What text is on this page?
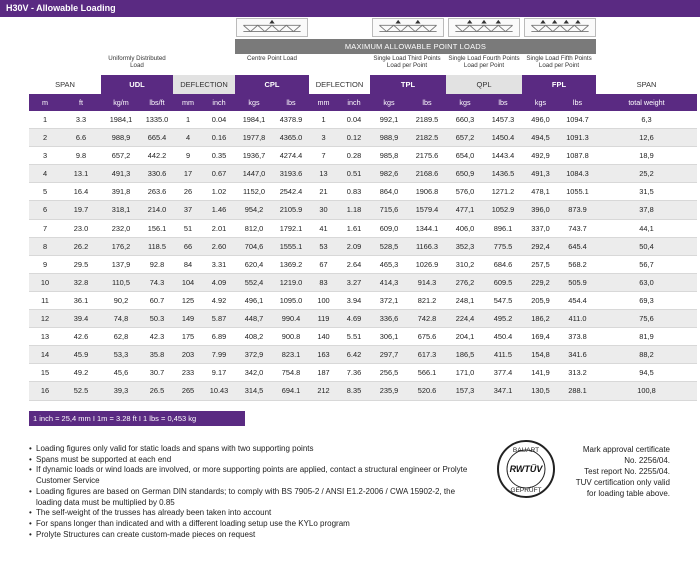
H30V - Allowable Loading
MAXIMUM ALLOWABLE POINT LOADS
Uniformly Distributed Load
Centre Point Load	Single Load Third Points Load per Point
Single Load Fourth Points Load per Point
Single Load Fifth Points Load per Point
SPAN	UDL	DEFLECTION	CPL	DEFLECTION	TPL	QPL	FPL	SPAN
m	ft	kg/m	lbs/ft	mm	inch	kgs	lbs	mm	inch	kgs	lbs	kgs	lbs	kgs	lbs	total weight
1	3.3	1984,1	1335.0	1	0.04	1984,1	4378.9	1	0.04	992,1	2189.5	660,3	1457.3	496,0	1094.7	6,3
2	6.6	988,9	665.4	4	0.16	1977,8	4365.0	3	0.12	988,9	2182.5	657,2	1450.4	494,5	1091.3	12,6
3	9.8	657,2	442.2	9	0.35	1936,7	4274.4	7	0.28	985,8	2175.6	654,0	1443.4	492,9	1087.8	18,9
4	13.1	491,3	330.6	17	0.67	1447,0	3193.6	13	0.51	982,6	2168.6	650,9	1436.5	491,3	1084.3	25,2
5	16.4	391,8	263.6	26	1.02	1152,0	2542.4	21	0.83	864,0	1906.8	576,0	1271.2	478,1	1055.1	31,5
6	19.7	318,1	214.0	37	1.46	954,2	2105.9	30	1.18	715,6	1579.4	477,1	1052.9	396,0	873.9	37,8
7	23.0	232,0	156.1	51	2.01	812,0	1792.1	41	1.61	609,0	1344.1	406,0	896.1	337,0	743.7	44,1
8	26.2	176,2	118.5	66	2.60	704,6	1555.1	53	2.09	528,5	1166.3	352,3	775.5	292,4	645.4	50,4
9	29.5	137,9	92.8	84	3.31	620,4	1369.2	67	2.64	465,3	1026.9	310,2	684.6	257,5	568.2	56,7
10	32.8	110,5	74.3	104	4.09	552,4	1219.0	83	3.27	414,3	914.3	276,2	609.5	229,2	505.9	63,0
11	36.1	90,2	60.7	125	4.92	496,1	1095.0	100	3.94	372,1	821.2	248,1	547.5	205,9	454.4	69,3
12	39.4	74,8	50.3	149	5.87	448,7	990.4	119	4.69	336,6	742.8	224,4	495.2	186,2	411.0	75,6
13	42.6	62,8	42.3	175	6.89	408,2	900.8	140	5.51	306,1	675.6	204,1	450.4	169,4	373.8	81,9
14	45.9	53,3	35.8	203	7.99	372,9	823.1	163	6.42	297,7	617.3	186,5	411.5	154,8	341.6	88,2
15	49.2	45,6	30.7	233	9.17	342,0	754.8	187	7.36	256,5	566.1	171,0	377.4	141,9	313.2	94,5
16	52.5	39,3	26.5	265	10.43	314,5	694.1	212	8.35	235,9	520.6	157,3	347.1	130,5	288.1	100,8
1 inch = 25,4 mm I 1m = 3.28 ft I 1 lbs = 0,453 kg
• Loading figures only valid for static loads and spans with two supporting points
• Spans must be supported at each end
• If dynamic loads or wind loads are involved, or more supporting points are applied, contact a structural engineer or Prolyte Customer Service
• Loading figures are based on German DIN standards; to comply with BS 7905-2 / ANSI E1.2-2006 / CWA 15902-2, the loading data must be multiplied by 0.85
• The self-weight of the trusses has already been taken into account
• For spans longer than indicated and with a different loading setup use the KYLo program
• Prolyte Structures can create custom-made pieces on request
BAUART
RWTÜV
GEPRÜFT
Mark approval certificate
No. 2256/04.
Test report No. 2255/04.
TUV certification only valid
for loading table above.
